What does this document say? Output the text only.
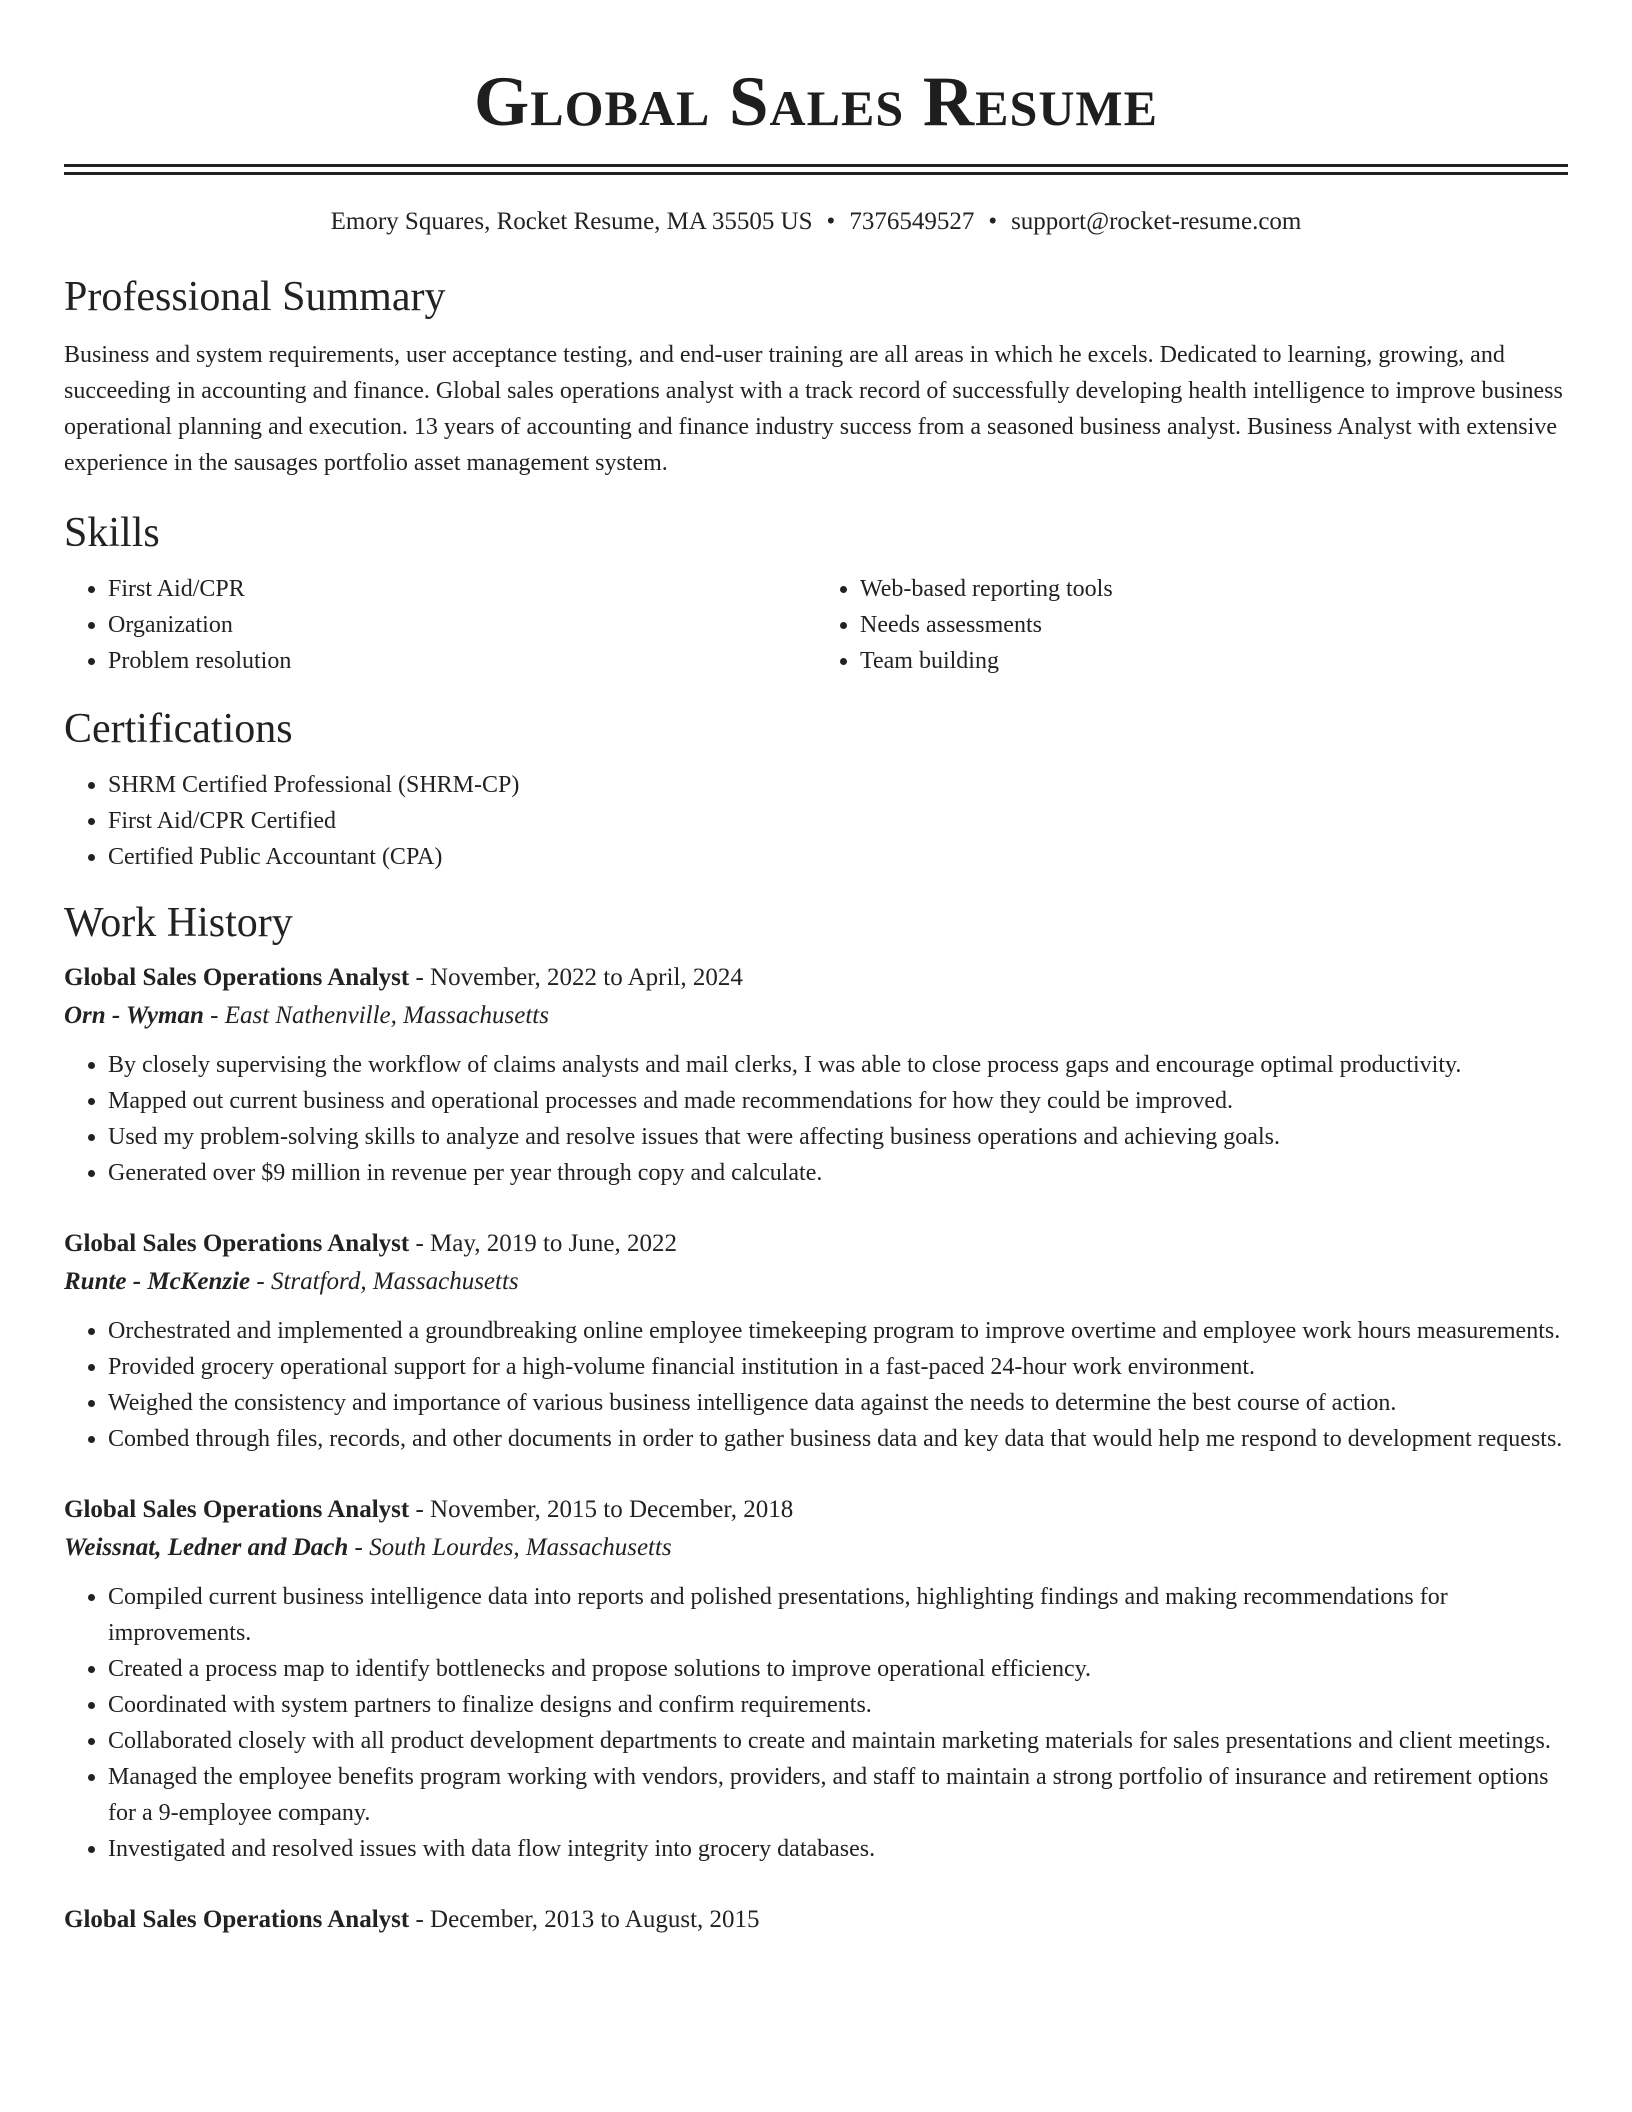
Global Sales Resume
Emory Squares, Rocket Resume, MA 35505 US • 7376549527 • support@rocket-resume.com
Professional Summary

Business and system requirements, user acceptance testing, and end-user training are all areas in which he excels. Dedicated to learning, growing, and succeeding in accounting and finance. Global sales operations analyst with a track record of successfully developing health intelligence to improve business operational planning and execution. 13 years of accounting and finance industry success from a seasoned business analyst. Business Analyst with extensive experience in the sausages portfolio asset management system.

Skills
• First Aid/CPR
• Organization
• Problem resolution
• Web-based reporting tools
• Needs assessments
• Team building
Certifications
• SHRM Certified Professional (SHRM-CP)
• First Aid/CPR Certified
• Certified Public Accountant (CPA)
Work History
Global Sales Operations Analyst - November, 2022 to April, 2024
Orn - Wyman - East Nathenville, Massachusetts
• By closely supervising the workflow of claims analysts and mail clerks, I was able to close process gaps and encourage optimal productivity.
• Mapped out current business and operational processes and made recommendations for how they could be improved.
• Used my problem-solving skills to analyze and resolve issues that were affecting business operations and achieving goals.
• Generated over $9 million in revenue per year through copy and calculate.
Global Sales Operations Analyst - May, 2019 to June, 2022
Runte - McKenzie - Stratford, Massachusetts
• Orchestrated and implemented a groundbreaking online employee timekeeping program to improve overtime and employee work hours measurements.
• Provided grocery operational support for a high-volume financial institution in a fast-paced 24-hour work environment.
• Weighed the consistency and importance of various business intelligence data against the needs to determine the best course of action.
• Combed through files, records, and other documents in order to gather business data and key data that would help me respond to development requests.
Global Sales Operations Analyst - November, 2015 to December, 2018
Weissnat, Ledner and Dach - South Lourdes, Massachusetts
• Compiled current business intelligence data into reports and polished presentations, highlighting findings and making recommendations for improvements.
• Created a process map to identify bottlenecks and propose solutions to improve operational efficiency.
• Coordinated with system partners to finalize designs and confirm requirements.
• Collaborated closely with all product development departments to create and maintain marketing materials for sales presentations and client meetings.
• Managed the employee benefits program working with vendors, providers, and staff to maintain a strong portfolio of insurance and retirement options for a 9-employee company.
• Investigated and resolved issues with data flow integrity into grocery databases.
Global Sales Operations Analyst - December, 2013 to August, 2015
